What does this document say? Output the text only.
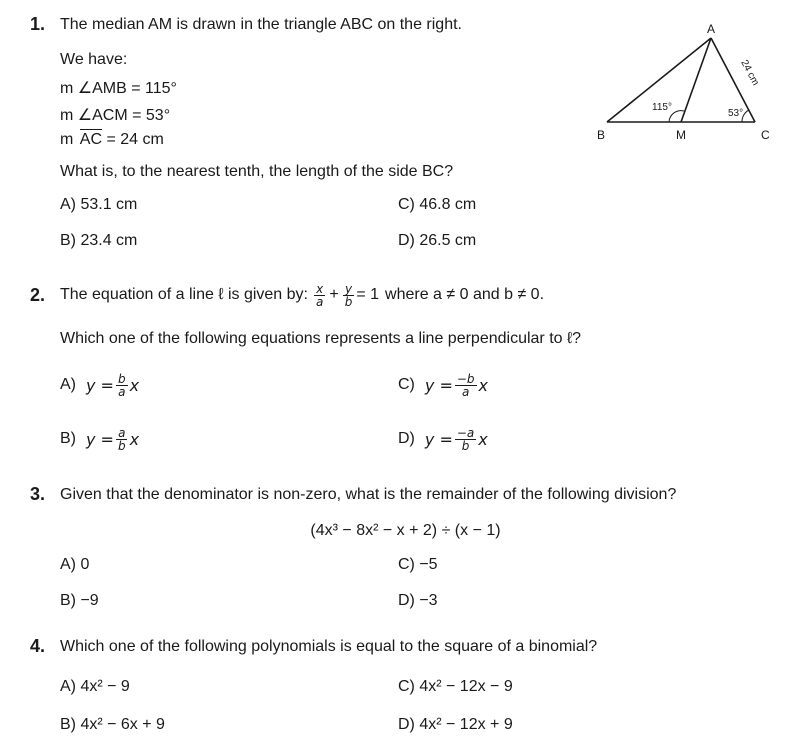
1. The median AM is drawn in the triangle ABC on the right.
We have:
m ∠AMB = 115°
m ∠ACM = 53°
m AC = 24 cm
What is, to the nearest tenth, the length of the side BC?
A) 53.1 cm	C) 46.8 cm
B) 23.4 cm	D) 26.5 cm
A
B	C
M
115°
53°
24 cm
2. The equation of a line ℓ is given by: $\frac{x}{a} + \frac{y}{b} = 1$ where a ≠ 0 and b ≠ 0.
Which one of the following equations represents a line perpendicular to ℓ?
A) $y = \frac{b}{a}$ x	C) $y = \frac{-b}{a}$ x
B) $y = \frac{a}{b}$ x	D) $y = \frac{-a}{b}$ x
3. Given that the denominator is non-zero, what is the remainder of the following division?
(4x³ − 8x² − x + 2) ÷ (x − 1)
A) 0	C) −5
B) −9	D) −3
4. Which one of the following polynomials is equal to the square of a binomial?
A) 4x² − 9	C) 4x² − 12x − 9
B) 4x² − 6x + 9	D) 4x² − 12x + 9
